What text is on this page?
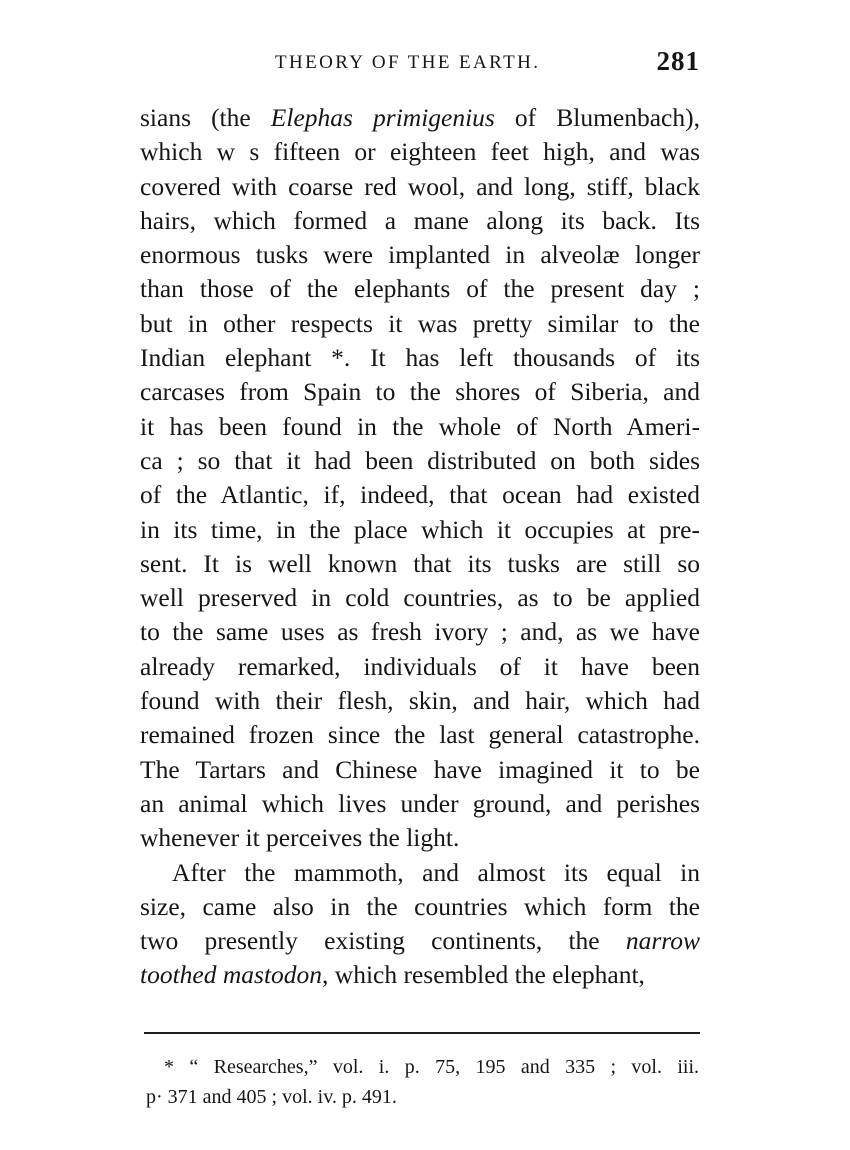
THEORY OF THE EARTH.	281
sians (the Elephas primigenius of Blumenbach),
which w s fifteen or eighteen feet high, and was
covered with coarse red wool, and long, stiff, black
hairs, which formed a mane along its back. Its
enormous tusks were implanted in alveolæ longer
than those of the elephants of the present day ;
but in other respects it was pretty similar to the
Indian elephant *. It has left thousands of its
carcases from Spain to the shores of Siberia, and
it has been found in the whole of North Ameri-
ca ; so that it had been distributed on both sides
of the Atlantic, if, indeed, that ocean had existed
in its time, in the place which it occupies at pre-
sent. It is well known that its tusks are still so
well preserved in cold countries, as to be applied
to the same uses as fresh ivory ; and, as we have
already remarked, individuals of it have been
found with their flesh, skin, and hair, which had
remained frozen since the last general catastrophe.
The Tartars and Chinese have imagined it to be
an animal which lives under ground, and perishes
whenever it perceives the light.
After the mammoth, and almost its equal in
size, came also in the countries which form the
two presently existing continents, the narrow
toothed mastodon, which resembled the elephant,
* “ Researches,” vol. i. p. 75, 195 and 335 ; vol. iii.
p· 371 and 405 ; vol. iv. p. 491.
